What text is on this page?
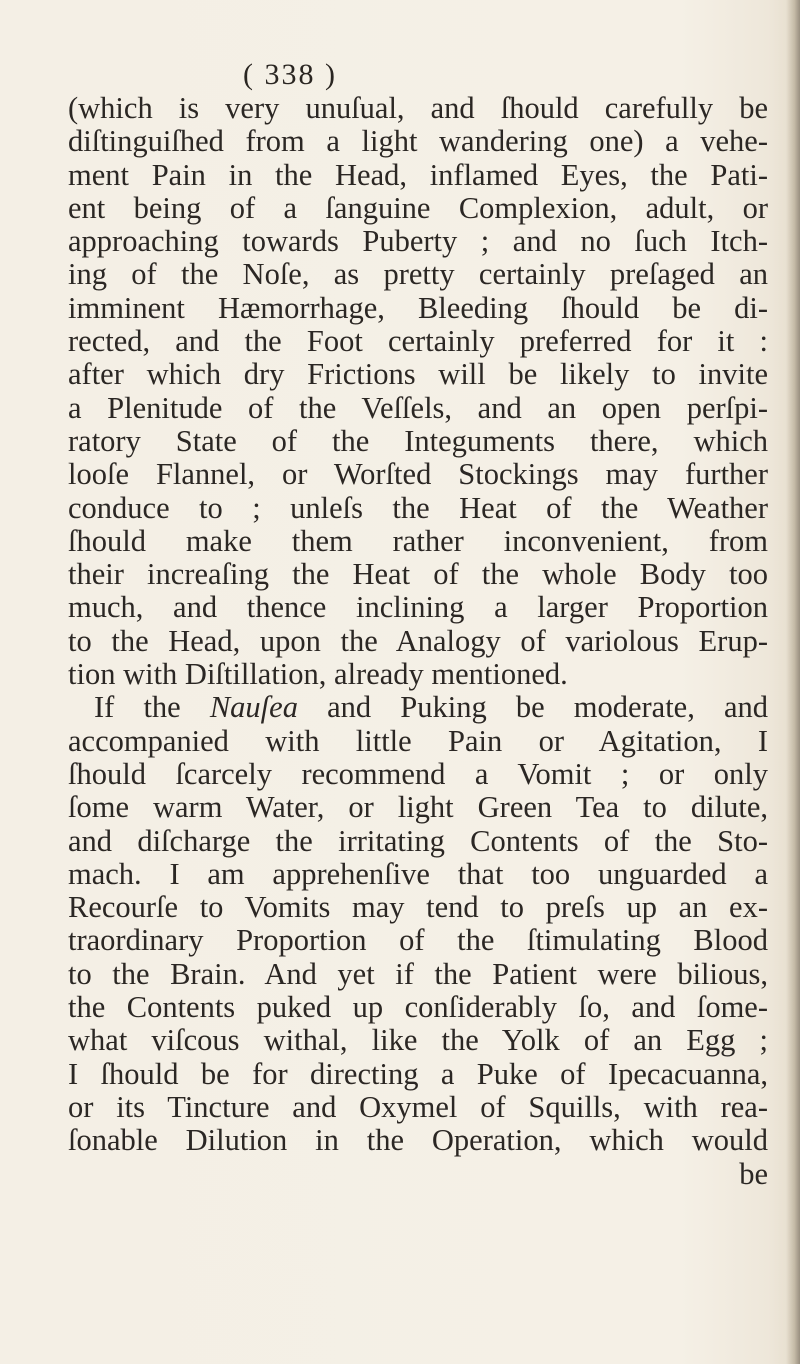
( 338 )
(which is very unuſual, and ſhould carefully be
diſtinguiſhed from a light wandering one) a vehe-
ment Pain in the Head, inflamed Eyes, the Pati-
ent being of a ſanguine Complexion, adult, or
approaching towards Puberty ; and no ſuch Itch-
ing of the Noſe, as pretty certainly preſaged an
imminent Hæmorrhage, Bleeding ſhould be di-
rected, and the Foot certainly preferred for it :
after which dry Frictions will be likely to invite
a Plenitude of the Veſſels, and an open perſpi-
ratory State of the Integuments there, which
looſe Flannel, or Worſted Stockings may further
conduce to ; unleſs the Heat of the Weather
ſhould make them rather inconvenient, from
their increaſing the Heat of the whole Body too
much, and thence inclining a larger Proportion
to the Head, upon the Analogy of variolous Erup-
tion with Diſtillation, already mentioned.
If the Nauſea and Puking be moderate, and
accompanied with little Pain or Agitation, I
ſhould ſcarcely recommend a Vomit ; or only
ſome warm Water, or light Green Tea to dilute,
and diſcharge the irritating Contents of the Sto-
mach. I am apprehenſive that too unguarded a
Recourſe to Vomits may tend to preſs up an ex-
traordinary Proportion of the ſtimulating Blood
to the Brain. And yet if the Patient were bilious,
the Contents puked up conſiderably ſo, and ſome-
what viſcous withal, like the Yolk of an Egg ;
I ſhould be for directing a Puke of Ipecacuanna,
or its Tincture and Oxymel of Squills, with rea-
ſonable Dilution in the Operation, which would
be
